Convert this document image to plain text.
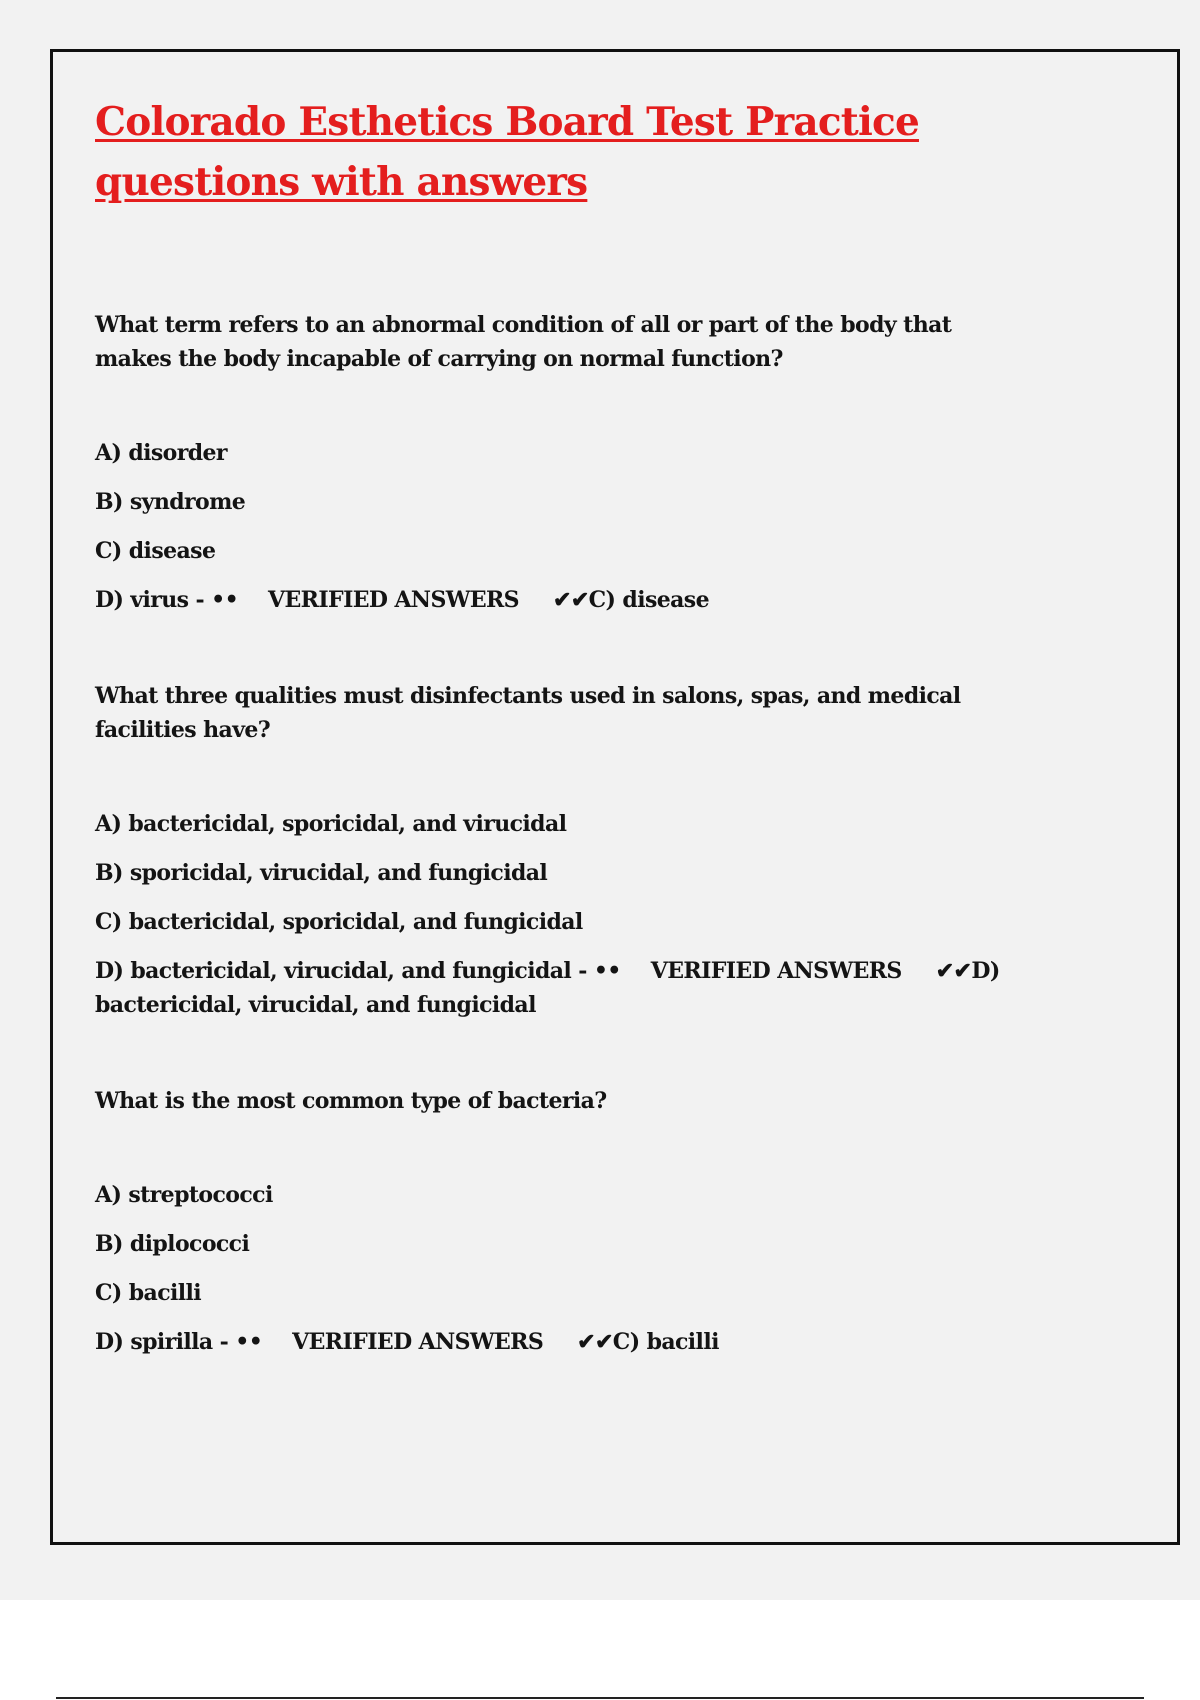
Colorado Esthetics Board Test Practice questions with answers

What term refers to an abnormal condition of all or part of the body that makes the body incapable of carrying on normal function?

A) disorder
B) syndrome
C) disease
D) virus - •• VERIFIED ANSWERS ✔✔C) disease

What three qualities must disinfectants used in salons, spas, and medical facilities have?

A) bactericidal, sporicidal, and virucidal
B) sporicidal, virucidal, and fungicidal
C) bactericidal, sporicidal, and fungicidal
D) bactericidal, virucidal, and fungicidal - •• VERIFIED ANSWERS ✔✔D) bactericidal, virucidal, and fungicidal

What is the most common type of bacteria?

A) streptococci
B) diplococci
C) bacilli
D) spirilla - •• VERIFIED ANSWERS ✔✔C) bacilli
